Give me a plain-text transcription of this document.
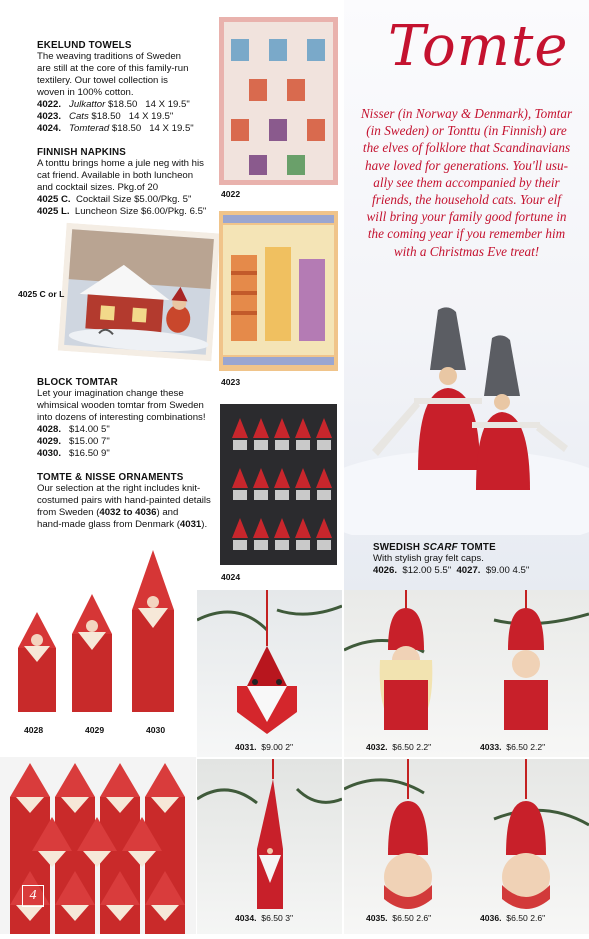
EKELUND TOWELS
The weaving traditions of Sweden
are still at the core of this family-run
textilery. Our towel collection is
woven in 100% cotton.
4022. Julkattor $18.50 14 X 19.5"
4023. Cats $18.50 14 X 19.5"
4024. Tomterad $18.50 14 X 19.5"
FINNISH NAPKINS
A tonttu brings home a jule neg with his
cat friend. Available in both luncheon
and cocktail sizes. Pkg.of 20
4025 C. Cocktail Size $5.00/Pkg. 5"
4025 L. Luncheon Size $6.00/Pkg. 6.5"
4025 C or L
BLOCK TOMTAR
Let your imagination change these
whimsical wooden tomtar from Sweden
into dozens of interesting combinations!
4028. $14.00 5"
4029. $15.00 7"
4030. $16.50 9"
TOMTE & NISSE ORNAMENTS
Our selection at the right includes knit-
costumed pairs with hand-painted details
from Sweden (4032 to 4036) and
hand-made glass from Denmark (4031).
4022
4023
4024
Tomte
Nisser (in Norway & Denmark), Tomtar
(in Sweden) or Tonttu (in Finnish) are
the elves of folklore that Scandinavians
have loved for generations. You'll usu-
ally see them accompanied by their
friends, the household cats. Your elf
will bring your family good fortune in
the coming year if you remember him
with a Christmas Eve treat!
SWEDISH SCARF TOMTE
With stylish gray felt caps.
4026. $12.00 5.5" 4027. $9.00 4.5"
4028	4029	4030
4
4031. $9.00 2"	4032. $6.50 2.2"	4033. $6.50 2.2"
4034. $6.50 3"	4035. $6.50 2.6"	4036. $6.50 2.6"
